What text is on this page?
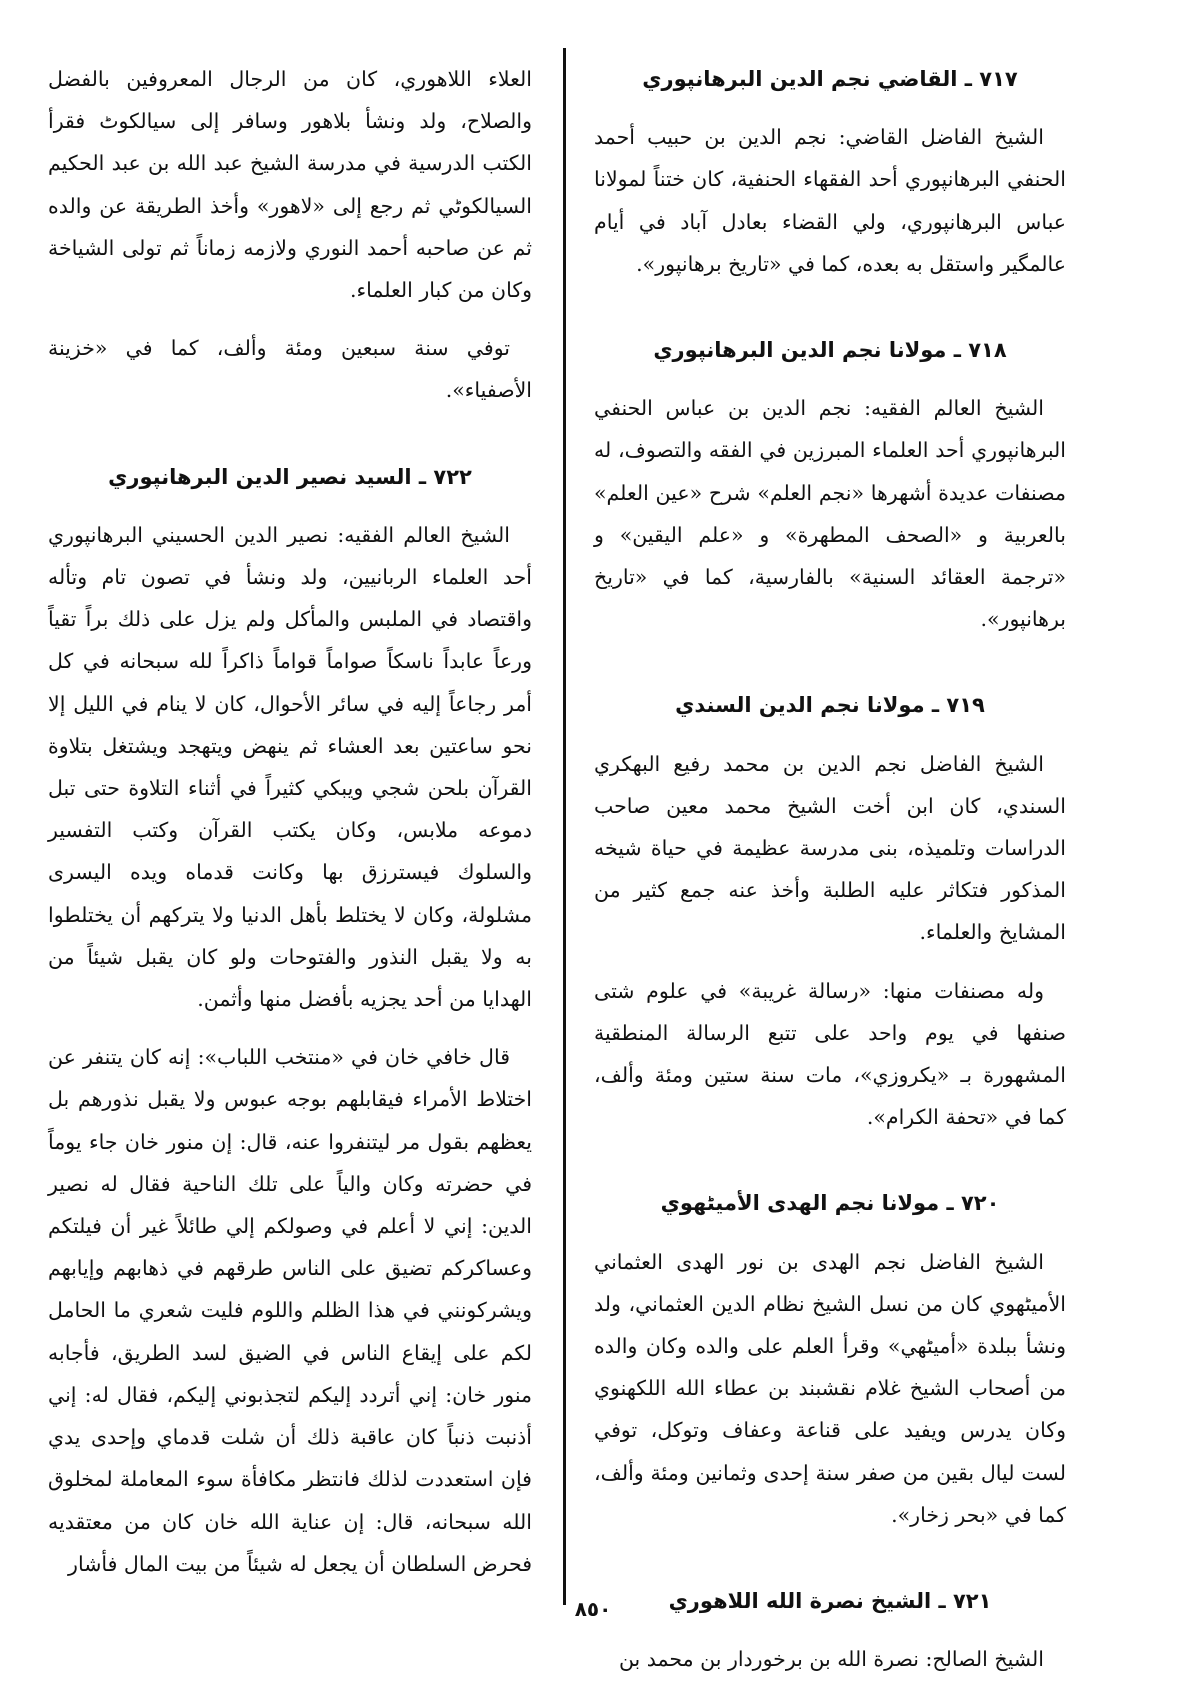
٧١٧ ـ القاضي نجم الدين البرهانپوري

الشيخ الفاضل القاضي: نجم الدين بن حبيب أحمد الحنفي البرهانپوري أحد الفقهاء الحنفية، كان ختناً لمولانا عباس البرهانپوري، ولي القضاء بعادل آباد في أيام عالمگير واستقل به بعده، كما في «تاريخ برهانپور».

٧١٨ ـ مولانا نجم الدين البرهانپوري

الشيخ العالم الفقيه: نجم الدين بن عباس الحنفي البرهانپوري أحد العلماء المبرزين في الفقه والتصوف، له مصنفات عديدة أشهرها «نجم العلم» شرح «عين العلم» بالعربية و «الصحف المطهرة» و «علم اليقين» و «ترجمة العقائد السنية» بالفارسية، كما في «تاريخ برهانپور».

٧١٩ ـ مولانا نجم الدين السندي

الشيخ الفاضل نجم الدين بن محمد رفيع البهكري السندي، كان ابن أخت الشيخ محمد معين صاحب الدراسات وتلميذه، بنى مدرسة عظيمة في حياة شيخه المذكور فتكاثر عليه الطلبة وأخذ عنه جمع كثير من المشايخ والعلماء.

وله مصنفات منها: «رسالة غريبة» في علوم شتى صنفها في يوم واحد على تتبع الرسالة المنطقية المشهورة بـ «يكروزي»، مات سنة ستين ومئة وألف، كما في «تحفة الكرام».

٧٢٠ ـ مولانا نجم الهدى الأميٹهوي

الشيخ الفاضل نجم الهدى بن نور الهدى العثماني الأميٹهوي كان من نسل الشيخ نظام الدين العثماني، ولد ونشأ ببلدة «أميٹهي» وقرأ العلم على والده وكان والده من أصحاب الشيخ غلام نقشبند بن عطاء الله اللكهنوي وكان يدرس ويفيد على قناعة وعفاف وتوكل، توفي لست ليال بقين من صفر سنة إحدى وثمانين ومئة وألف، كما في «بحر زخار».

٧٢١ ـ الشيخ نصرة الله اللاهوري

الشيخ الصالح: نصرة الله بن برخوردار بن محمد بن

العلاء اللاهوري، كان من الرجال المعروفين بالفضل والصلاح، ولد ونشأ بلاهور وسافر إلى سيالكوٹ فقرأ الكتب الدرسية في مدرسة الشيخ عبد الله بن عبد الحكيم السيالكوٹي ثم رجع إلى «لاهور» وأخذ الطريقة عن والده ثم عن صاحبه أحمد النوري ولازمه زماناً ثم تولى الشياخة وكان من كبار العلماء.

توفي سنة سبعين ومئة وألف، كما في «خزينة الأصفياء».

٧٢٢ ـ السيد نصير الدين البرهانپوري

الشيخ العالم الفقيه: نصير الدين الحسيني البرهانپوري أحد العلماء الربانيين، ولد ونشأ في تصون تام وتأله واقتصاد في الملبس والمأكل ولم يزل على ذلك براً تقياً ورعاً عابداً ناسكاً صواماً قواماً ذاكراً لله سبحانه في كل أمر رجاعاً إليه في سائر الأحوال، كان لا ينام في الليل إلا نحو ساعتين بعد العشاء ثم ينهض ويتهجد ويشتغل بتلاوة القرآن بلحن شجي ويبكي كثيراً في أثناء التلاوة حتى تبل دموعه ملابس، وكان يكتب القرآن وكتب التفسير والسلوك فيسترزق بها وكانت قدماه ويده اليسرى مشلولة، وكان لا يختلط بأهل الدنيا ولا يتركهم أن يختلطوا به ولا يقبل النذور والفتوحات ولو كان يقبل شيئاً من الهدايا من أحد يجزيه بأفضل منها وأثمن.

قال خافي خان في «منتخب اللباب»: إنه كان يتنفر عن اختلاط الأمراء فيقابلهم بوجه عبوس ولا يقبل نذورهم بل يعظهم بقول مر ليتنفروا عنه، قال: إن منور خان جاء يوماً في حضرته وكان والياً على تلك الناحية فقال له نصير الدين: إني لا أعلم في وصولكم إلي طائلاً غير أن فيلتكم وعساكركم تضيق على الناس طرقهم في ذهابهم وإيابهم ويشركونني في هذا الظلم واللوم فليت شعري ما الحامل لكم على إيقاع الناس في الضيق لسد الطريق، فأجابه منور خان: إني أتردد إليكم لتجذبوني إليكم، فقال له: إني أذنبت ذنباً كان عاقبة ذلك أن شلت قدماي وإحدى يدي فإن استعددت لذلك فانتظر مكافأة سوء المعاملة لمخلوق الله سبحانه، قال: إن عناية الله خان كان من معتقديه فحرض السلطان أن يجعل له شيئاً من بيت المال فأشار

٨٥٠
